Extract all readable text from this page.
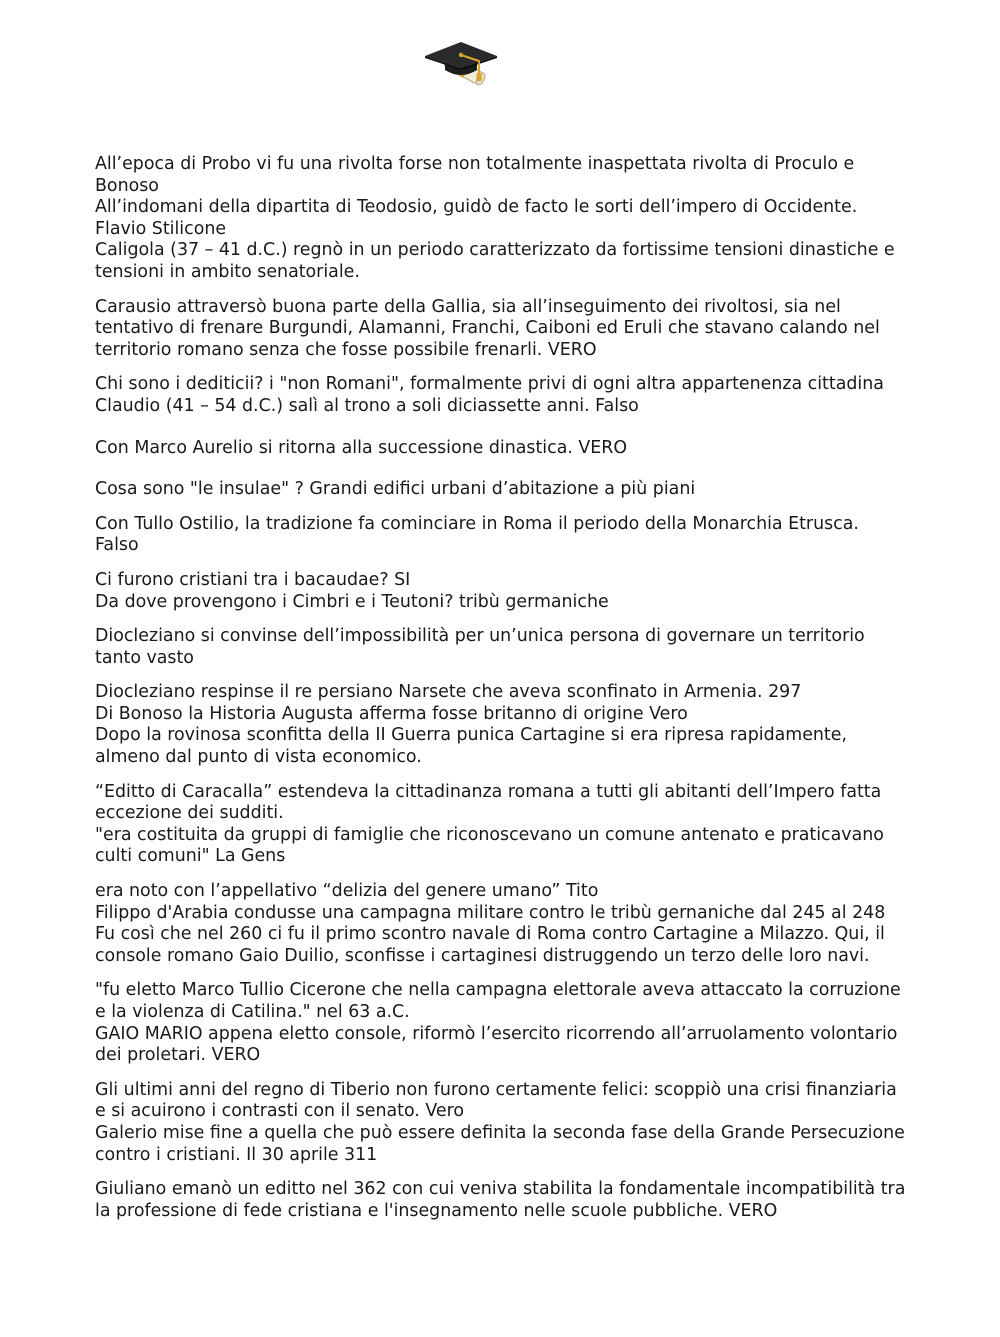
All’epoca di Probo vi fu una rivolta forse non totalmente inaspettata rivolta di Proculo e Bonoso
All’indomani della dipartita di Teodosio, guidò de facto le sorti dell’impero di Occidente. Flavio Stilicone
Caligola (37 – 41 d.C.) regnò in un periodo caratterizzato da fortissime tensioni dinastiche e tensioni in ambito senatoriale.
Carausio attraversò buona parte della Gallia, sia all’inseguimento dei rivoltosi, sia nel tentativo di frenare Burgundi, Alamanni, Franchi, Caiboni ed Eruli che stavano calando nel territorio romano senza che fosse possibile frenarli. VERO
Chi sono i dediticii? i "non Romani", formalmente privi di ogni altra appartenenza cittadina
Claudio (41 – 54 d.C.) salì al trono a soli diciassette anni. Falso
Con Marco Aurelio si ritorna alla successione dinastica. VERO
Cosa sono "le insulae" ? Grandi edifici urbani d’abitazione a più piani
Con Tullo Ostilio, la tradizione fa cominciare in Roma il periodo della Monarchia Etrusca. Falso
Ci furono cristiani tra i bacaudae? SI
Da dove provengono i Cimbri e i Teutoni? tribù germaniche
Diocleziano si convinse dell’impossibilità per un’unica persona di governare un territorio tanto vasto
Diocleziano respinse il re persiano Narsete che aveva sconfinato in Armenia. 297
Di Bonoso la Historia Augusta afferma fosse britanno di origine Vero
Dopo la rovinosa sconfitta della II Guerra punica Cartagine si era ripresa rapidamente, almeno dal punto di vista economico.
“Editto di Caracalla” estendeva la cittadinanza romana a tutti gli abitanti dell’Impero fatta eccezione dei sudditi.
"era costituita da gruppi di famiglie che riconoscevano un comune antenato e praticavano culti comuni" La Gens
era noto con l’appellativo “delizia del genere umano” Tito
Filippo d'Arabia condusse una campagna militare contro le tribù gernaniche dal 245 al 248
Fu così che nel 260 ci fu il primo scontro navale di Roma contro Cartagine a Milazzo. Qui, il console romano Gaio Duilio, sconfisse i cartaginesi distruggendo un terzo delle loro navi.
"fu eletto Marco Tullio Cicerone che nella campagna elettorale aveva attaccato la corruzione e la violenza di Catilina." nel 63 a.C.
GAIO MARIO appena eletto console, riformò l’esercito ricorrendo all’arruolamento volontario dei proletari. VERO
Gli ultimi anni del regno di Tiberio non furono certamente felici: scoppiò una crisi finanziaria e si acuirono i contrasti con il senato. Vero
Galerio mise fine a quella che può essere definita la seconda fase della Grande Persecuzione contro i cristiani. Il 30 aprile 311
Giuliano emanò un editto nel 362 con cui veniva stabilita la fondamentale incompatibilità tra la professione di fede cristiana e l'insegnamento nelle scuole pubbliche. VERO
